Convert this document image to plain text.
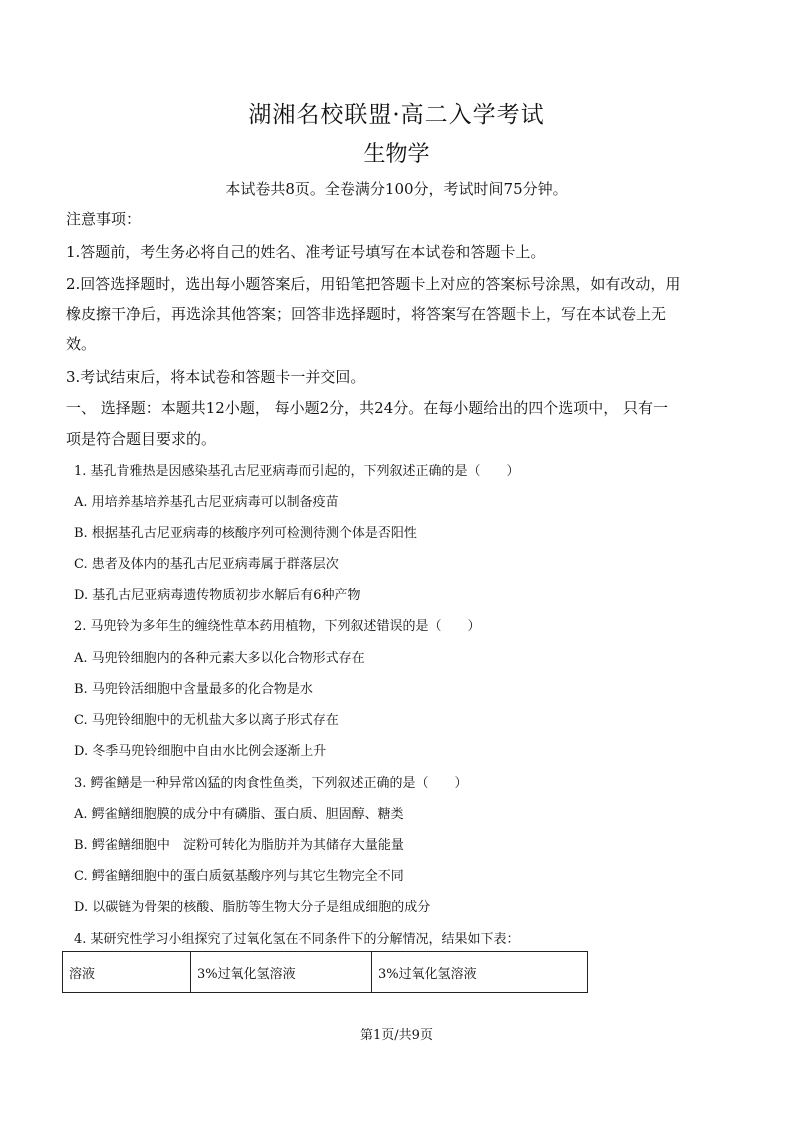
湖湘名校联盟·高二入学考试
生物学
本试卷共8页。全卷满分100分，考试时间75分钟。
注意事项：
1.答题前，考生务必将自己的姓名、准考证号填写在本试卷和答题卡上。
2.回答选择题时，选出每小题答案后，用铅笔把答题卡上对应的答案标号涂黑，如有改动，用
橡皮擦干净后，再选涂其他答案；回答非选择题时，将答案写在答题卡上，写在本试卷上无
效。
3.考试结束后，将本试卷和答题卡一并交回。
一、 选择题：本题共12小题， 每小题2分，共24分。在每小题给出的四个选项中， 只有一
项是符合题目要求的。
1. 基孔肯雅热是因感染基孔古尼亚病毒而引起的，下列叙述正确的是（　　）
A. 用培养基培养基孔古尼亚病毒可以制备疫苗
B. 根据基孔古尼亚病毒的核酸序列可检测待测个体是否阳性
C. 患者及体内的基孔古尼亚病毒属于群落层次
D. 基孔古尼亚病毒遗传物质初步水解后有6种产物
2. 马兜铃为多年生的缠绕性草本药用植物，下列叙述错误的是（　　）
A. 马兜铃细胞内的各种元素大多以化合物形式存在
B. 马兜铃活细胞中含量最多的化合物是水
C. 马兜铃细胞中的无机盐大多以离子形式存在
D. 冬季马兜铃细胞中自由水比例会逐渐上升
3. 鳄雀鳝是一种异常凶猛的肉食性鱼类，下列叙述正确的是（　　）
A. 鳄雀鳝细胞膜的成分中有磷脂、蛋白质、胆固醇、糖类
B. 鳄雀鳝细胞中　淀粉可转化为脂肪并为其储存大量能量
C. 鳄雀鳝细胞中的蛋白质氨基酸序列与其它生物完全不同
D. 以碳链为骨架的核酸、脂肪等生物大分子是组成细胞的成分
4. 某研究性学习小组探究了过氧化氢在不同条件下的分解情况，结果如下表：
溶液	3%过氧化氢溶液	3%过氧化氢溶液
第1页/共9页
